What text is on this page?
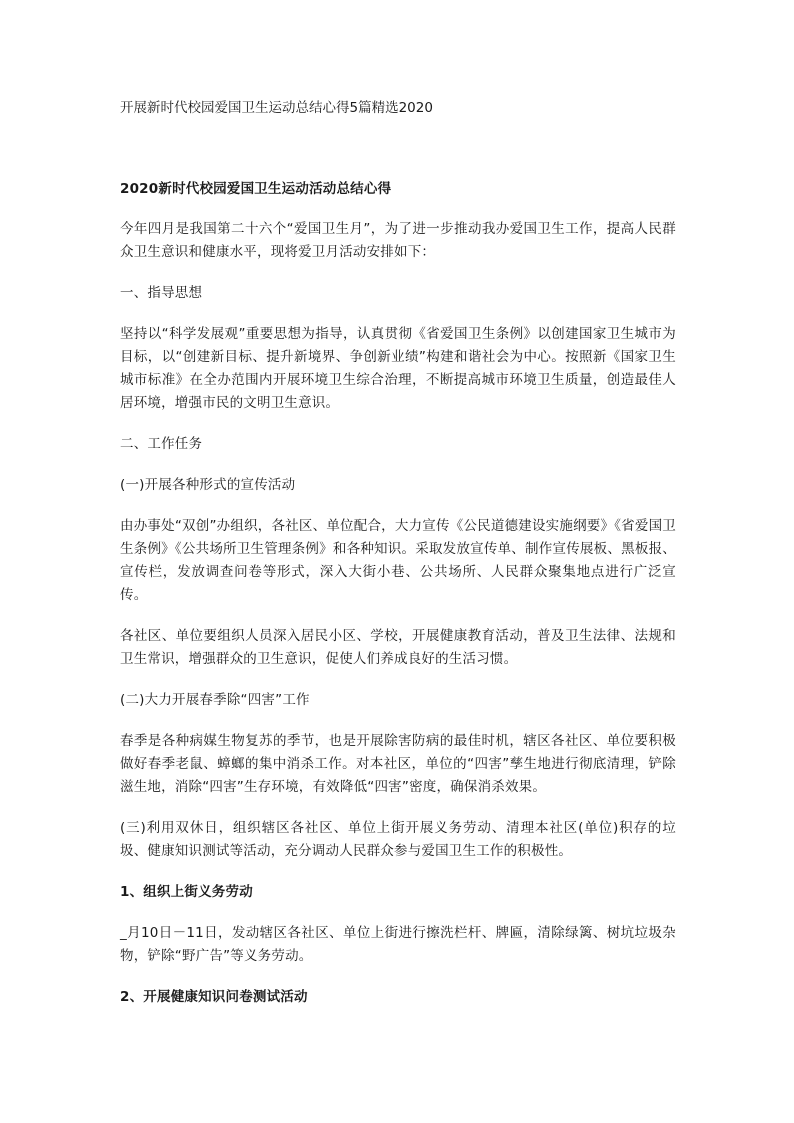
开展新时代校园爱国卫生运动总结心得5篇精选2020

2020新时代校园爱国卫生运动活动总结心得

今年四月是我国第二十六个“爱国卫生月”，为了进一步推动我办爱国卫生工作，提高人民群众卫生意识和健康水平，现将爱卫月活动安排如下：

一、指导思想

坚持以“科学发展观”重要思想为指导，认真贯彻《省爱国卫生条例》以创建国家卫生城市为目标，以“创建新目标、提升新境界、争创新业绩”构建和谐社会为中心。按照新《国家卫生城市标准》在全办范围内开展环境卫生综合治理，不断提高城市环境卫生质量，创造最佳人居环境，增强市民的文明卫生意识。

二、工作任务

(一)开展各种形式的宣传活动

由办事处“双创”办组织，各社区、单位配合，大力宣传《公民道德建设实施纲要》《省爱国卫生条例》《公共场所卫生管理条例》和各种知识。采取发放宣传单、制作宣传展板、黑板报、宣传栏，发放调查问卷等形式，深入大街小巷、公共场所、人民群众聚集地点进行广泛宣传。

各社区、单位要组织人员深入居民小区、学校，开展健康教育活动，普及卫生法律、法规和卫生常识，增强群众的卫生意识，促使人们养成良好的生活习惯。

(二)大力开展春季除“四害”工作

春季是各种病媒生物复苏的季节，也是开展除害防病的最佳时机，辖区各社区、单位要积极做好春季老鼠、蟑螂的集中消杀工作。对本社区，单位的“四害”孳生地进行彻底清理，铲除滋生地，消除“四害”生存环境，有效降低“四害”密度，确保消杀效果。

(三)利用双休日，组织辖区各社区、单位上街开展义务劳动、清理本社区(单位)积存的垃圾、健康知识测试等活动，充分调动人民群众参与爱国卫生工作的积极性。

1、组织上街义务劳动

_月10日－11日，发动辖区各社区、单位上街进行擦洗栏杆、牌匾，清除绿篱、树坑垃圾杂物，铲除“野广告”等义务劳动。

2、开展健康知识问卷测试活动
